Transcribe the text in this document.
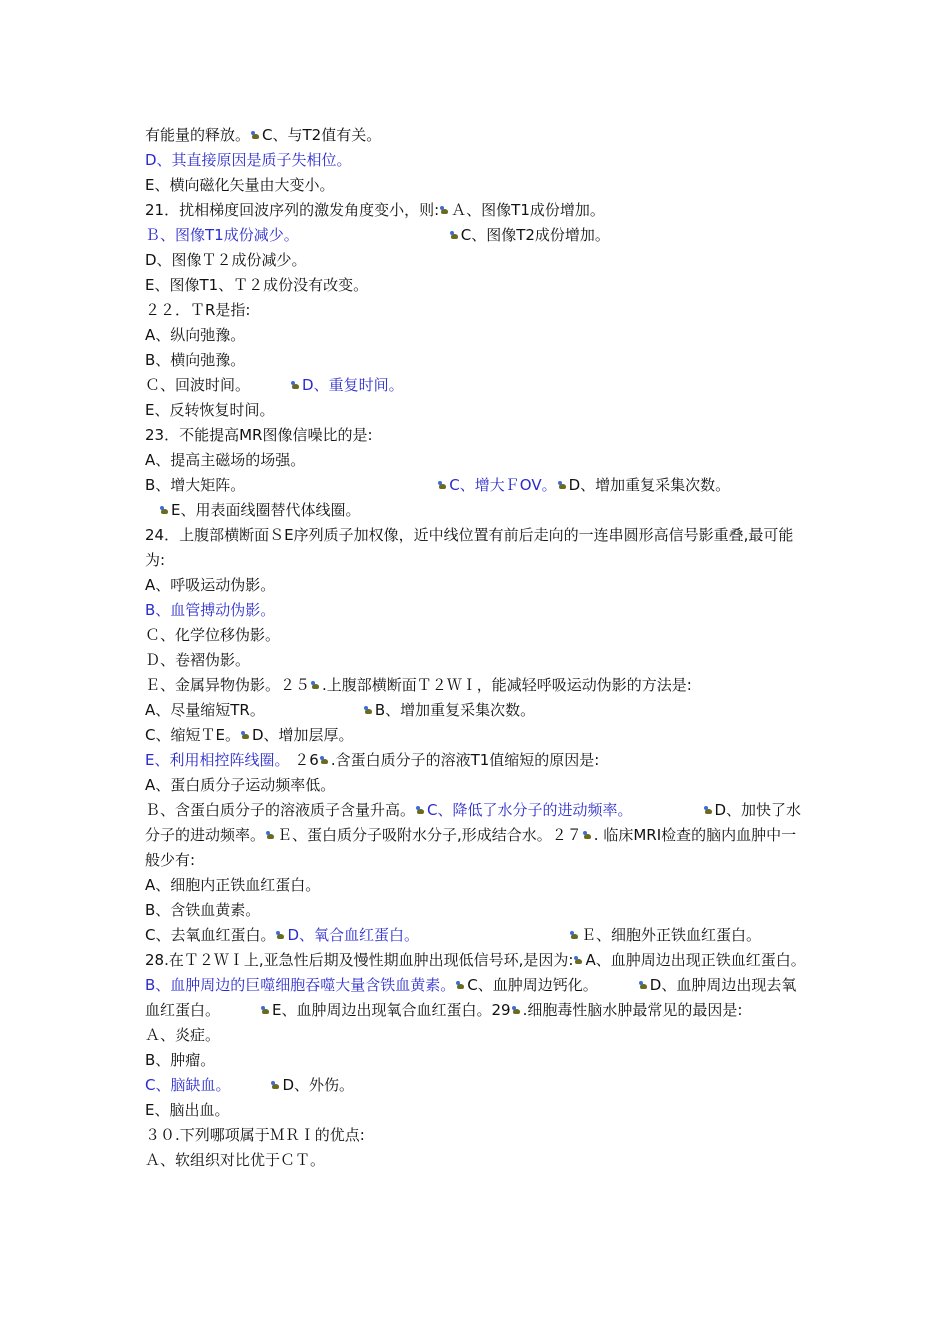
有能量的释放。 C、与T2值有关。
D、其直接原因是质子失相位。
E、横向磁化矢量由大变小。
21．扰相梯度回波序列的激发角度变小，则: Ａ、图像T1成份增加。
Ｂ、图像T1成份减少。	C、图像T2成份增加。
D、图像Ｔ２成份减少。
E、图像T1、Ｔ２成份没有改变。
２２．ＴR是指:
A、纵向弛豫。
B、横向弛豫。
Ｃ、回波时间。	D、重复时间。
E、反转恢复时间。
23．不能提高MR图像信噪比的是:
A、提高主磁场的场强。
B、增大矩阵。	C、增大ＦOV。 D、增加重复采集次数。
E、用表面线圈替代体线圈。
24．上腹部横断面ＳE序列质子加权像，近中线位置有前后走向的一连串圆形高信号影重叠,最可能为:
A、呼吸运动伪影。
B、血管搏动伪影。
Ｃ、化学位移伪影。
Ｄ、卷褶伪影。
Ｅ、金属异物伪影。２５ .上腹部横断面Ｔ２ＷＩ，能减轻呼吸运动伪影的方法是:
A、尽量缩短TR。	B、增加重复采集次数。
C、缩短ＴE。 D、增加层厚。
E、利用相控阵线圈。 ２6 .含蛋白质分子的溶液T1值缩短的原因是:
A、蛋白质分子运动频率低。
Ｂ、含蛋白质分子的溶液质子含量升高。 C、降低了水分子的进动频率。	D、加快了水分子的进动频率。 Ｅ、蛋白质分子吸附水分子,形成结合水。２７ . 临床MRI检查的脑内血肿中一般少有:
A、细胞内正铁血红蛋白。
B、含铁血黄素。
C、去氧血红蛋白。 D、氧合血红蛋白。	Ｅ、细胞外正铁血红蛋白。
28.在Ｔ２ＷＩ上,亚急性后期及慢性期血肿出现低信号环,是因为: A、血肿周边出现正铁血红蛋白。
B、血肿周边的巨噬细胞吞噬大量含铁血黄素。 C、血肿周边钙化。	D、血肿周边出现去氧血红蛋白。	E、血肿周边出现氧合血红蛋白。29 .细胞毒性脑水肿最常见的最因是:
Ａ、炎症。
B、肿瘤。
C、脑缺血。	D、外伤。
E、脑出血。
３０.下列哪项属于ＭＲＩ的优点:
Ａ、软组织对比优于ＣＴ。
